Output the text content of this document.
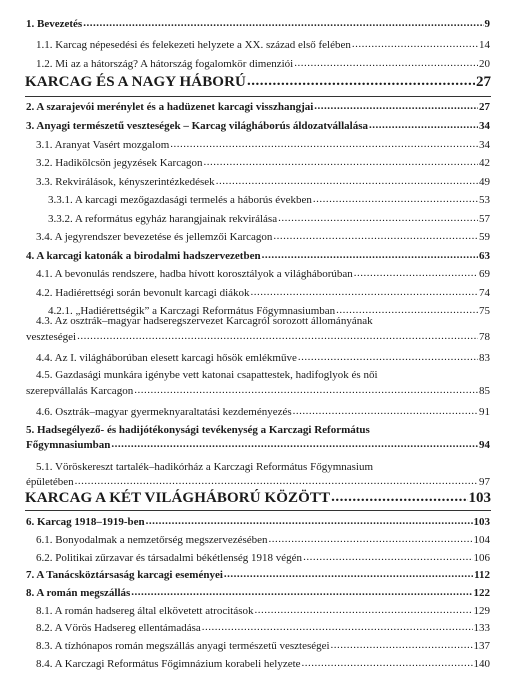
1. Bevezetés .....	9
1.1. Karcag népesedési és felekezeti helyzete a XX. század első felében .....	14
1.2. Mi az a hátország? A hátország fogalomkör dimenziói .....	20
KARCAG ÉS A NAGY HÁBORÚ .....	27
2. A szarajevói merénylet és a hadüzenet karcagi visszhangjai .....	27
3. Anyagi természetű veszteségek – Karcag világháborús áldozatvállalása .....	34
3.1. Aranyat Vasért mozgalom .....	34
3.2. Hadikölcsön jegyzések Karcagon .....	42
3.3. Rekvirálások, kényszerintézkedések .....	49
3.3.1. A karcagi mezőgazdasági termelés a háborús években .....	53
3.3.2. A református egyház harangjainak rekvirálása .....	57
3.4. A jegyrendszer bevezetése és jellemzői Karcagon .....	59
4. A karcagi katonák a birodalmi hadszervezetben .....	63
4.1. A bevonulás rendszere, hadba hívott korosztályok a világháborúban .....	69
4.2. Hadiérettségi során bevonult karcagi diákok .....	74
4.2.1. „Hadiérettségik” a Karczagi Református Főgymnasiumban .....	75
4.3. Az osztrák–magyar hadseregszervezet Karcagról sorozott állományának
veszteségei .....	78
4.4. Az I. világháborúban elesett karcagi hősök emlékműve .....	83
4.5. Gazdasági munkára igénybe vett katonai csapattestek, hadifoglyok és női
szerepvállalás Karcagon .....	85
4.6. Osztrák–magyar gyermeknyaraltatási kezdeményezés .....	91
5. Hadsegélyező- és hadijótékonysági tevékenység a Karczagi Református
Főgymnasiumban .....	94
5.1. Vöröskereszt tartalék–hadikórház a Karczagi Református Főgymnasium
épületében .....	97
KARCAG A KÉT VILÁGHÁBORÚ KÖZÖTT .....	103
6. Karcag 1918–1919-ben .....	103
6.1. Bonyodalmak a nemzetőrség megszervezésében .....	104
6.2. Politikai zűrzavar és társadalmi békétlenség 1918 végén .....	106
7. A Tanácsköztársaság karcagi eseményei .....	112
8. A román megszállás .....	122
8.1. A román hadsereg által elkövetett atrocitások .....	129
8.2. A Vörös Hadsereg ellentámadása .....	133
8.3. A tízhónapos román megszállás anyagi természetű veszteségei .....	137
8.4. A Karczagi Református Főgimnázium korabeli helyzete .....	140
